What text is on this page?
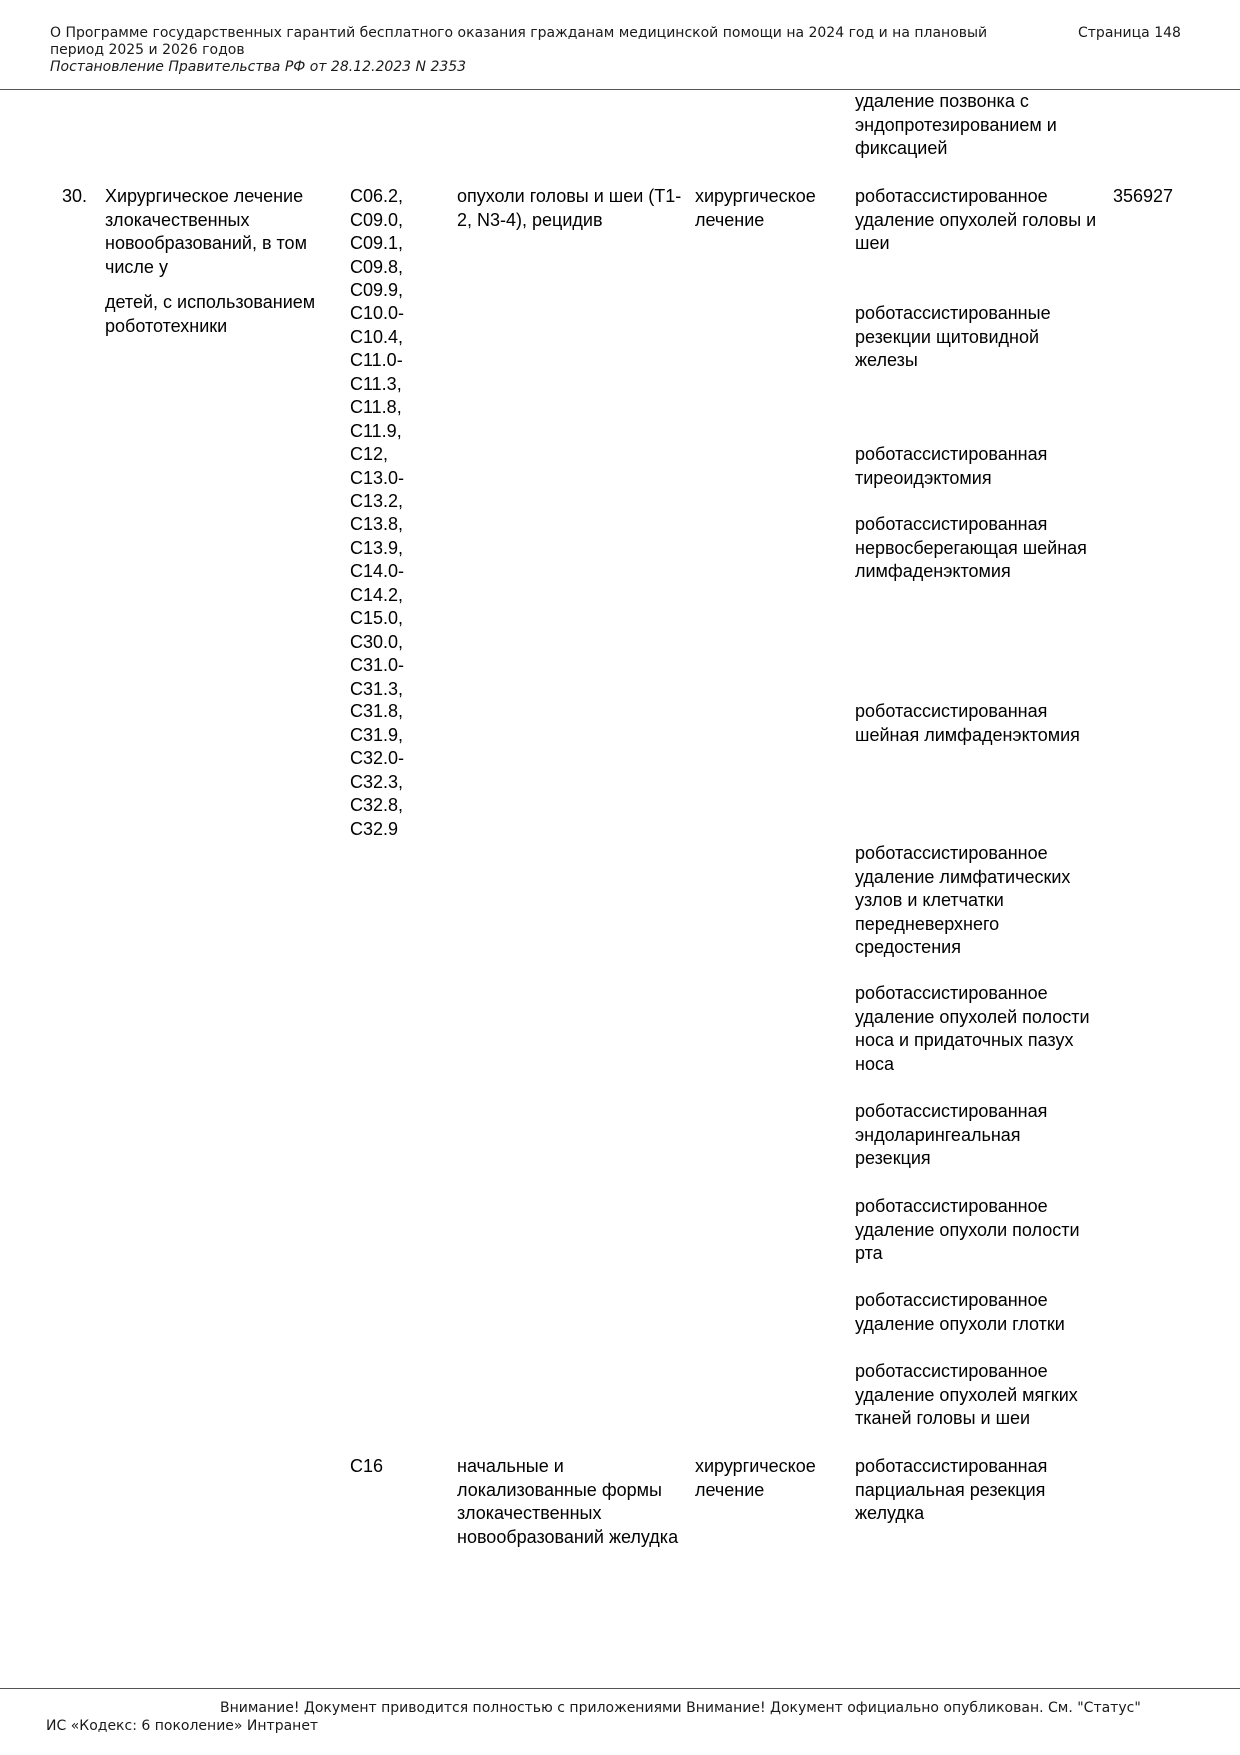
О Программе государственных гарантий бесплатного оказания гражданам медицинской помощи на 2024 год и на плановый период 2025 и 2026 годов
Страница 148
Постановление Правительства РФ от 28.12.2023 N 2353
удаление позвонка с эндопротезированием и фиксацией
30. Хирургическое лечение злокачественных новообразований, в том числе у
детей, с использованием робототехники
C06.2, C09.0, C09.1, C09.8, C09.9,
C10.0- C10.4, C11.0- C11.3, C11.8, C11.9,
C12, C13.0- C13.2,
C13.8, C13.9, C14.0- C14.2, C15.0, C30.0, C31.0- C31.3,
C31.8, C31.9, C32.0- C32.3, C32.8, C32.9
опухоли головы и шеи (T1-2, N3-4), рецидив
хирургическое лечение
роботассистированное удаление опухолей головы и шеи
роботассистированные резекции щитовидной железы
роботассистированная тиреоидэктомия
роботассистированная нервосберегающая шейная лимфаденэктомия
роботассистированная шейная лимфаденэктомия
роботассистированное удаление лимфатических узлов и клетчатки передневерхнего средостения
роботассистированное удаление опухолей полости носа и придаточных пазух носа
роботассистированная эндоларингеальная резекция
роботассистированное удаление опухоли полости рта
роботассистированное удаление опухоли глотки
роботассистированное удаление опухолей мягких тканей головы и шеи
356927
C16	начальные и локализованные формы злокачественных новообразований желудка
хирургическое лечение
роботассистированная парциальная резекция желудка
Внимание! Документ приводится полностью с приложениями Внимание! Документ официально опубликован. См. "Статус"
ИС «Кодекс: 6 поколение» Интранет
